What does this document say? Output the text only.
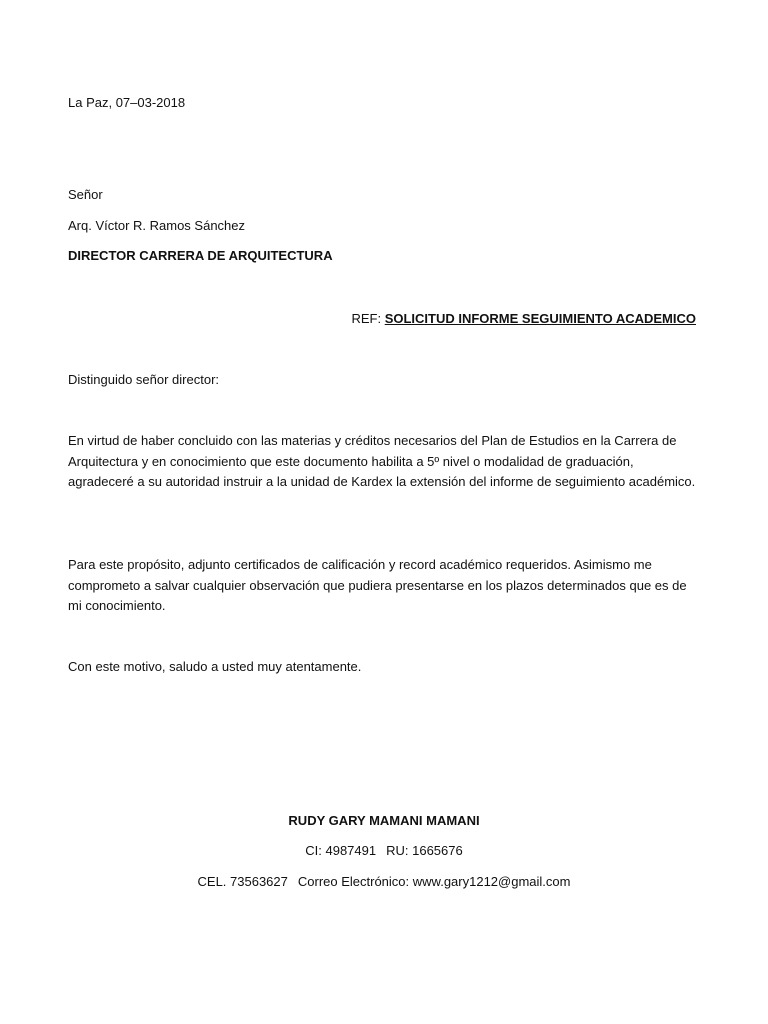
La Paz, 07–03-2018
Señor
Arq. Víctor R. Ramos Sánchez
DIRECTOR CARRERA DE ARQUITECTURA
REF: SOLICITUD INFORME SEGUIMIENTO ACADEMICO
Distinguido señor director:
En virtud de haber concluido con las materias y créditos necesarios del Plan de Estudios en la Carrera de Arquitectura y en conocimiento que este documento habilita a 5º nivel o modalidad de graduación, agradeceré a su autoridad instruir a la unidad de Kardex la extensión del informe de seguimiento académico.
Para este propósito, adjunto certificados de calificación y record académico requeridos. Asimismo me comprometo a salvar cualquier observación que pudiera presentarse en los plazos determinados que es de mi conocimiento.
Con este motivo, saludo a usted muy atentamente.
RUDY GARY MAMANI MAMANI
CI: 4987491 RU: 1665676
CEL. 73563627 Correo Electrónico: www.gary1212@gmail.com
